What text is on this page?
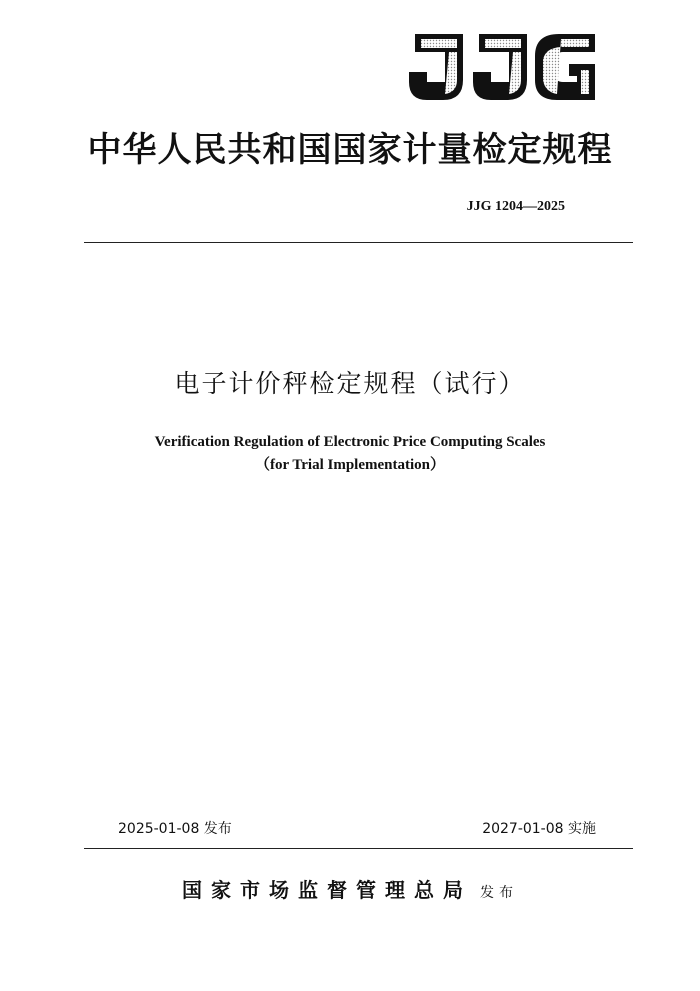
中华人民共和国国家计量检定规程
JJG 1204—2025
电子计价秤检定规程（试行）
Verification Regulation of Electronic Price Computing Scales
（for Trial Implementation）
2025-01-08 发布	2027-01-08 实施
国家市场监督管理总局 发布
